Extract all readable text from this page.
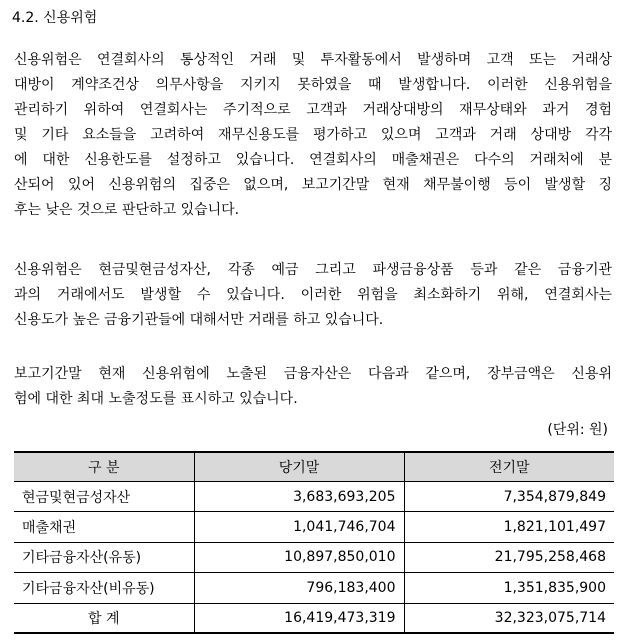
4.2. 신용위험
신용위험은 연결회사의 통상적인 거래 및 투자활동에서 발생하며 고객 또는 거래상
대방이 계약조건상 의무사항을 지키지 못하였을 때 발생합니다. 이러한 신용위험을
관리하기 위하여 연결회사는 주기적으로 고객과 거래상대방의 재무상태와 과거 경험
및 기타 요소들을 고려하여 재무신용도를 평가하고 있으며 고객과 거래 상대방 각각
에 대한 신용한도를 설정하고 있습니다. 연결회사의 매출채권은 다수의 거래처에 분
산되어 있어 신용위험의 집중은 없으며, 보고기간말 현재 채무불이행 등이 발생할 징
후는 낮은 것으로 판단하고 있습니다.
신용위험은 현금및현금성자산, 각종 예금 그리고 파생금융상품 등과 같은 금융기관
과의 거래에서도 발생할 수 있습니다. 이러한 위험을 최소화하기 위해, 연결회사는
신용도가 높은 금융기관들에 대해서만 거래를 하고 있습니다.
보고기간말 현재 신용위험에 노출된 금융자산은 다음과 같으며, 장부금액은 신용위
험에 대한 최대 노출정도를 표시하고 있습니다.
(단위: 원)
구 분	당기말	전기말
현금및현금성자산	3,683,693,205	7,354,879,849
매출채권	1,041,746,704	1,821,101,497
기타금융자산(유동)	10,897,850,010	21,795,258,468
기타금융자산(비유동)	796,183,400	1,351,835,900
합 계	16,419,473,319	32,323,075,714
